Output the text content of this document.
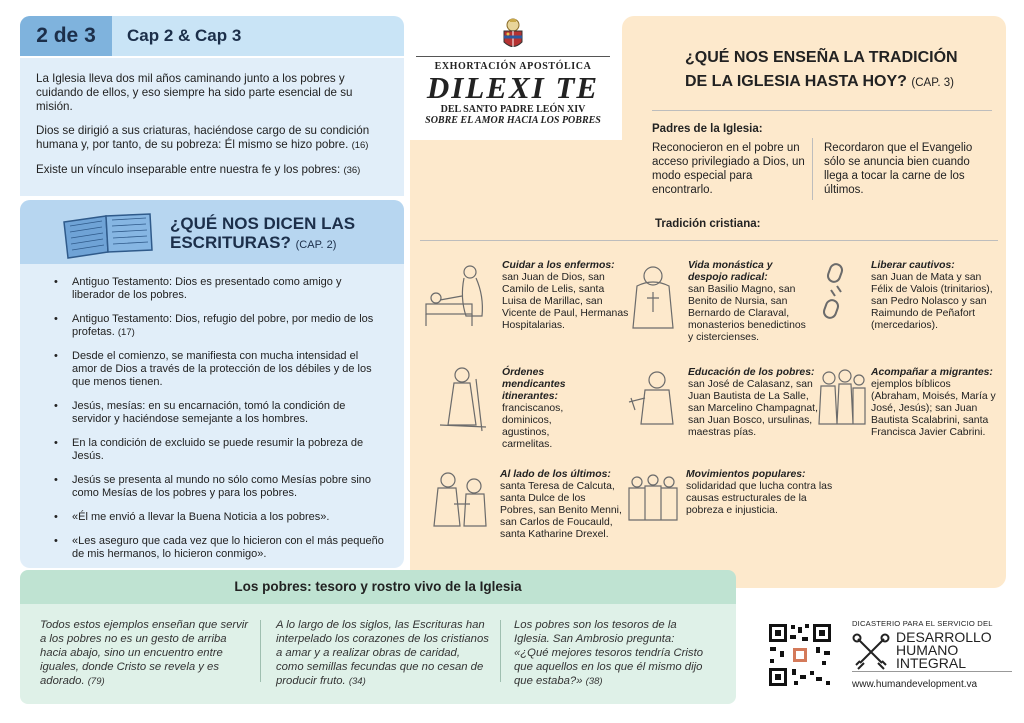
2 de 3	Cap 2 & Cap 3

La Iglesia lleva dos mil años caminando junto a los pobres y cuidando de ellos, y eso siempre ha sido parte esencial de su misión.

Dios se dirigió a sus criaturas, haciéndose cargo de su condición humana y, por tanto, de su pobreza: Él mismo se hizo pobre. (16)

Existe un vínculo inseparable entre nuestra fe y los pobres: (36)

¿QUÉ NOS DICEN LAS
ESCRITURAS? (CAP. 2)
• Antiguo Testamento: Dios es presentado como amigo y liberador de los pobres.
• Antiguo Testamento: Dios, refugio del pobre, por medio de los profetas. (17)
• Desde el comienzo, se manifiesta con mucha intensidad el amor de Dios a través de la protección de los débiles y de los que menos tienen.
• Jesús, mesías: en su encarnación, tomó la condición de servidor y haciéndose semejante a los hombres.
• En la condición de excluido se puede resumir la pobreza de Jesús.
• Jesús se presenta al mundo no sólo como Mesías pobre sino como Mesías de los pobres y para los pobres.
• «Él me envió a llevar la Buena Noticia a los pobres».
• «Les aseguro que cada vez que lo hicieron con el más pequeño de mis hermanos, lo hicieron conmigo».
EXHORTACIÓN APOSTÓLICA
DILEXI TE
DEL SANTO PADRE LEÓN XIV
SOBRE EL AMOR HACIA LOS POBRES
¿QUÉ NOS ENSEÑA LA TRADICIÓN
DE LA IGLESIA HASTA HOY? (CAP. 3)
Padres de la Iglesia:
Reconocieron en el pobre un acceso privilegiado a Dios, un modo especial para encontrarlo.
Recordaron que el Evangelio sólo se anuncia bien cuando llega a tocar la carne de los últimos.
Tradición cristiana:
Cuidar a los enfermos:
san Juan de Dios, san Camilo de Lelis, santa Luisa de Marillac, san Vicente de Paul, Hermanas Hospitalarias.
Vida monástica y despojo radical:
san Basilio Magno, san Benito de Nursia, san Bernardo de Claraval, monasterios benedictinos y cistercienses.
Liberar cautivos:
san Juan de Mata y san Félix de Valois (trinitarios), san Pedro Nolasco y san Raimundo de Peñafort (mercedarios).
Órdenes mendicantes itinerantes:
franciscanos, dominicos, agustinos, carmelitas.
Educación de los pobres:
san José de Calasanz, san Juan Bautista de La Salle, san Marcelino Champagnat, san Juan Bosco, ursulinas, maestras pías.
Acompañar a migrantes:
ejemplos bíblicos (Abraham, Moisés, María y José, Jesús); san Juan Bautista Scalabrini, santa Francisca Javier Cabrini.
Al lado de los últimos:
santa Teresa de Calcuta, santa Dulce de los Pobres, san Benito Menni, san Carlos de Foucauld, santa Katharine Drexel.
Movimientos populares:
solidaridad que lucha contra las causas estructurales de la pobreza e injusticia.
Los pobres: tesoro y rostro vivo de la Iglesia
Todos estos ejemplos enseñan que servir a los pobres no es un gesto de arriba hacia abajo, sino un encuentro entre iguales, donde Cristo se revela y es adorado. (79)
A lo largo de los siglos, las Escrituras han interpelado los corazones de los cristianos a amar y a realizar obras de caridad, como semillas fecundas que no cesan de producir fruto. (34)
Los pobres son los tesoros de la Iglesia. San Ambrosio pregunta: «¿Qué mejores tesoros tendría Cristo que aquellos en los que él mismo dijo que estaba?» (38)
DICASTERIO PARA EL SERVICIO DEL
DESARROLLO
HUMANO
INTEGRAL
www.humandevelopment.va
